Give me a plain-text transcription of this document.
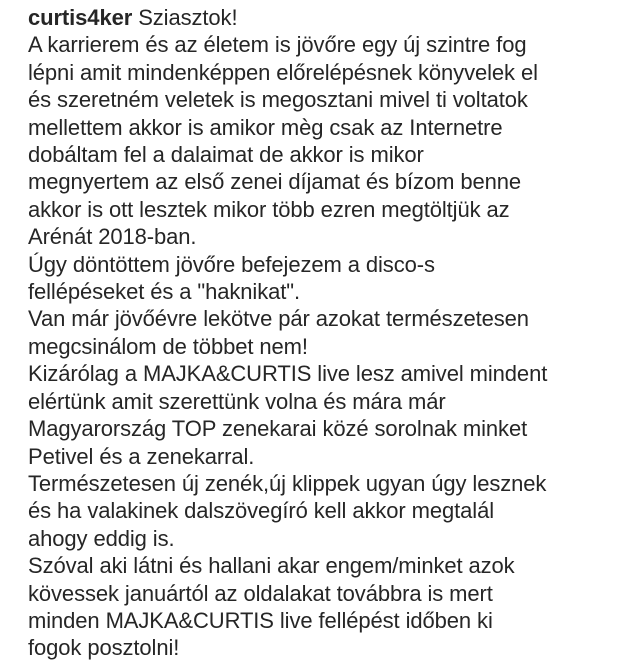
curtis4ker Sziasztok!
A karrierem és az életem is jövőre egy új szintre fog
lépni amit mindenképpen előrelépésnek könyvelek el
és szeretném veletek is megosztani mivel ti voltatok
mellettem akkor is amikor mèg csak az Internetre
dobáltam fel a dalaimat de akkor is mikor
megnyertem az első zenei díjamat és bízom benne
akkor is ott lesztek mikor több ezren megtöltjük az
Arénát 2018-ban.
Úgy döntöttem jövőre befejezem a disco-s
fellépéseket és a "haknikat".
Van már jövőévre lekötve pár azokat természetesen
megcsinálom de többet nem!
Kizárólag a MAJKA&CURTIS live lesz amivel mindent
elértünk amit szerettünk volna és mára már
Magyarország TOP zenekarai közé sorolnak minket
Petivel és a zenekarral.
Természetesen új zenék,új klippek ugyan úgy lesznek
és ha valakinek dalszövegíró kell akkor megtalál
ahogy eddig is.
Szóval aki látni és hallani akar engem/minket azok
kövessek januártól az oldalakat továbbra is mert
minden MAJKA&CURTIS live fellépést időben ki
fogok posztolni!
